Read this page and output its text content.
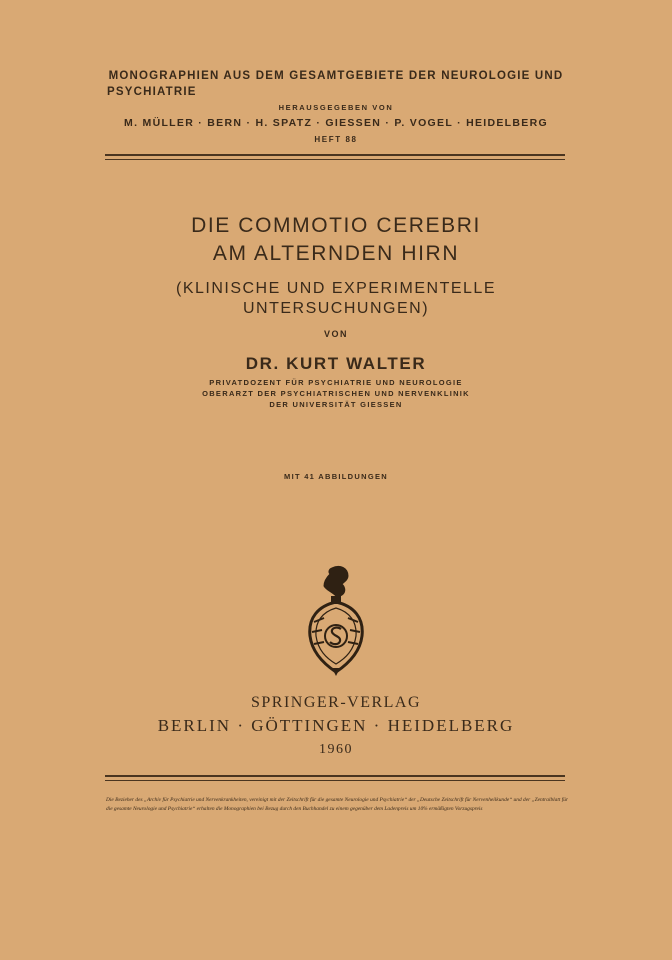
MONOGRAPHIEN AUS DEM GESAMTGEBIETE DER NEUROLOGIE UND
PSYCHIATRIE
HERAUSGEGEBEN VON
M. MÜLLER · BERN · H. SPATZ · GIESSEN · P. VOGEL · HEIDELBERG
HEFT 88
DIE COMMOTIO CEREBRI
AM ALTERNDEN HIRN
(KLINISCHE UND EXPERIMENTELLE
UNTERSUCHUNGEN)
VON
DR. KURT WALTER
PRIVATDOZENT FÜR PSYCHIATRIE UND NEUROLOGIE
OBERARZT DER PSYCHIATRISCHEN UND NERVENKLINIK
DER UNIVERSITÄT GIESSEN
MIT 41 ABBILDUNGEN
SPRINGER-VERLAG
BERLIN · GÖTTINGEN · HEIDELBERG
1960
Die Bezieher des „Archiv für Psychiatrie und Nervenkrankheiten, vereinigt mit der Zeitschrift für die gesamte Neurologie und Psychiatrie“ der „Deutsche Zeitschrift für Nervenheilkunde“ und der „Zentralblatt für die gesamte Neurologie und Psychiatrie“ erhalten die Monographien bei Bezug durch den Buchhandel zu einem gegenüber dem Ladenpreis um 10% ermäßigten Vorzugspreis
